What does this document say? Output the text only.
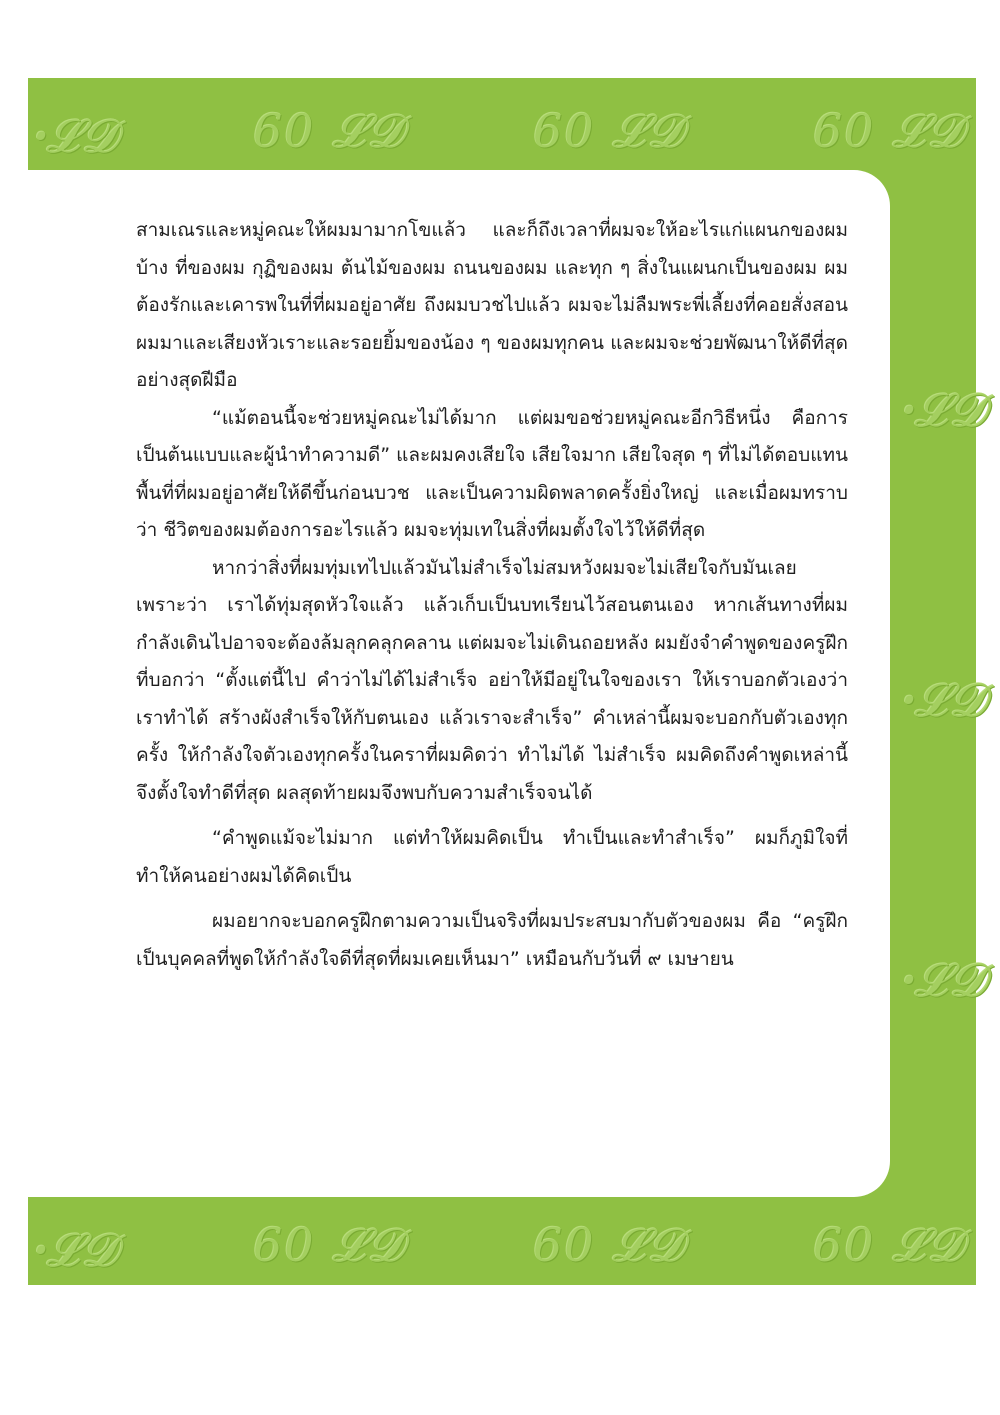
ꞏ𝓛𝓓	60 𝓛𝓓	60 𝓛𝓓	60 𝓛𝓓
ꞏ𝓛𝓓
ꞏ𝓛𝓓
ꞏ𝓛𝓓
ꞏ𝓛𝓓	60 𝓛𝓓	60 𝓛𝓓	60 𝓛𝓓

สามเณรและหมู่คณะให้ผมมามากโขแล้ว และก็ถึงเวลาที่ผมจะให้อะไรแก่แผนกของผมบ้าง ที่ของผม กุฏิของผม ต้นไม้ของผม ถนนของผม และทุก ๆ สิ่งในแผนกเป็นของผม ผมต้องรักและเคารพในที่ที่ผมอยู่อาศัย ถึงผมบวชไปแล้ว ผมจะไม่ลืมพระพี่เลี้ยงที่คอยสั่งสอนผมมาและเสียงหัวเราะและรอยยิ้มของน้อง ๆ ของผมทุกคน และผมจะช่วยพัฒนาให้ดีที่สุดอย่างสุดฝีมือ

“แม้ตอนนี้จะช่วยหมู่คณะไม่ได้มาก แต่ผมขอช่วยหมู่คณะอีกวิธีหนึ่ง คือการเป็นต้นแบบและผู้นำทำความดี” และผมคงเสียใจ เสียใจมาก เสียใจสุด ๆ ที่ไม่ได้ตอบแทนพื้นที่ที่ผมอยู่อาศัยให้ดีขึ้นก่อนบวช และเป็นความผิดพลาดครั้งยิ่งใหญ่ และเมื่อผมทราบว่า ชีวิตของผมต้องการอะไรแล้ว ผมจะทุ่มเทในสิ่งที่ผมตั้งใจไว้ให้ดีที่สุด

หากว่าสิ่งที่ผมทุ่มเทไปแล้วมันไม่สำเร็จไม่สมหวังผมจะไม่เสียใจกับมันเลย เพราะว่า เราได้ทุ่มสุดหัวใจแล้ว แล้วเก็บเป็นบทเรียนไว้สอนตนเอง หากเส้นทางที่ผมกำลังเดินไปอาจจะต้องล้มลุกคลุกคลาน แต่ผมจะไม่เดินถอยหลัง ผมยังจำคำพูดของครูฝึกที่บอกว่า “ตั้งแต่นี้ไป คำว่าไม่ได้ไม่สำเร็จ อย่าให้มีอยู่ในใจของเรา ให้เราบอกตัวเองว่า เราทำได้ สร้างผังสำเร็จให้กับตนเอง แล้วเราจะสำเร็จ” คำเหล่านี้ผมจะบอกกับตัวเองทุกครั้ง ให้กำลังใจตัวเองทุกครั้งในคราที่ผมคิดว่า ทำไม่ได้ ไม่สำเร็จ ผมคิดถึงคำพูดเหล่านี้ จึงตั้งใจทำดีที่สุด ผลสุดท้ายผมจึงพบกับความสำเร็จจนได้

“คำพูดแม้จะไม่มาก แต่ทำให้ผมคิดเป็น ทำเป็นและทำสำเร็จ” ผมก็ภูมิใจที่ทำให้คนอย่างผมได้คิดเป็น

ผมอยากจะบอกครูฝึกตามความเป็นจริงที่ผมประสบมากับตัวของผม คือ “ครูฝึกเป็นบุคคลที่พูดให้กำลังใจดีที่สุดที่ผมเคยเห็นมา” เหมือนกับวันที่ ๙ เมษายน
